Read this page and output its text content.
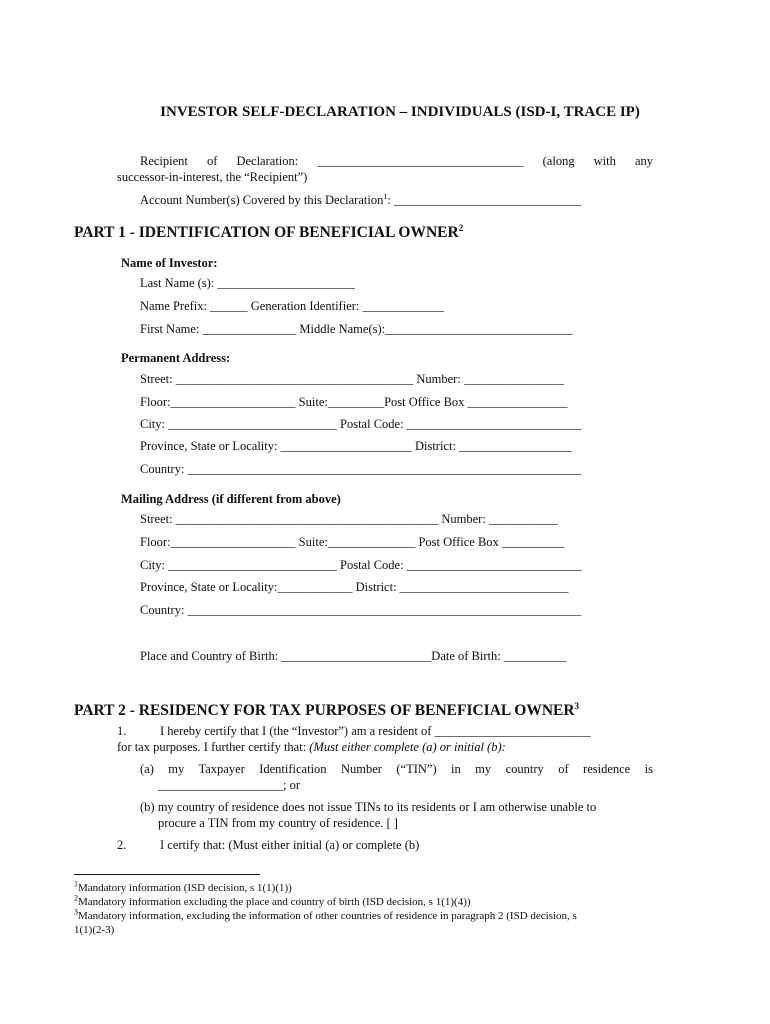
INVESTOR SELF-DECLARATION – INDIVIDUALS (ISD-I, TRACE IP)
Recipient of Declaration: _________________________________ (along with any
successor-in-interest, the “Recipient”)
Account Number(s) Covered by this Declaration$^1$: ______________________________
PART 1 - IDENTIFICATION OF BENEFICIAL OWNER$^2$
Name of Investor:
Last Name (s): ______________________
Name Prefix: ______ Generation Identifier: _____________
First Name: _______________ Middle Name(s):______________________________
Permanent Address:
Street: ______________________________________ Number: ________________
Floor:____________________ Suite:_________Post Office Box ________________
City: ___________________________ Postal Code: ____________________________
Province, State or Locality: _____________________ District: __________________
Country: _______________________________________________________________
Mailing Address (if different from above)
Street: __________________________________________ Number: ___________
Floor:____________________ Suite:______________ Post Office Box __________
City: ___________________________ Postal Code: ____________________________
Province, State or Locality:____________ District: ___________________________
Country: _______________________________________________________________
Place and Country of Birth: ________________________Date of Birth: __________
PART 2 - RESIDENCY FOR TAX PURPOSES OF BENEFICIAL OWNER$^3$
1.	I hereby certify that I (the “Investor”) am a resident of _________________________
for tax purposes. I further certify that: (Must either complete (a) or initial (b):
(a) my Taxpayer Identification Number (“TIN”) in my country of residence is
____________________; or
(b) my country of residence does not issue TINs to its residents or I am otherwise unable to
procure a TIN from my country of residence. [ ]
2.	I certify that: (Must either initial (a) or complete (b)
$^1$Mandatory information (ISD decision, s 1(1)(1))
$^2$Mandatory information excluding the place and country of birth (ISD decision, s 1(1)(4))
$^3$Mandatory information, excluding the information of other countries of residence in paragraph 2 (ISD decision, s
1(1)(2-3)
